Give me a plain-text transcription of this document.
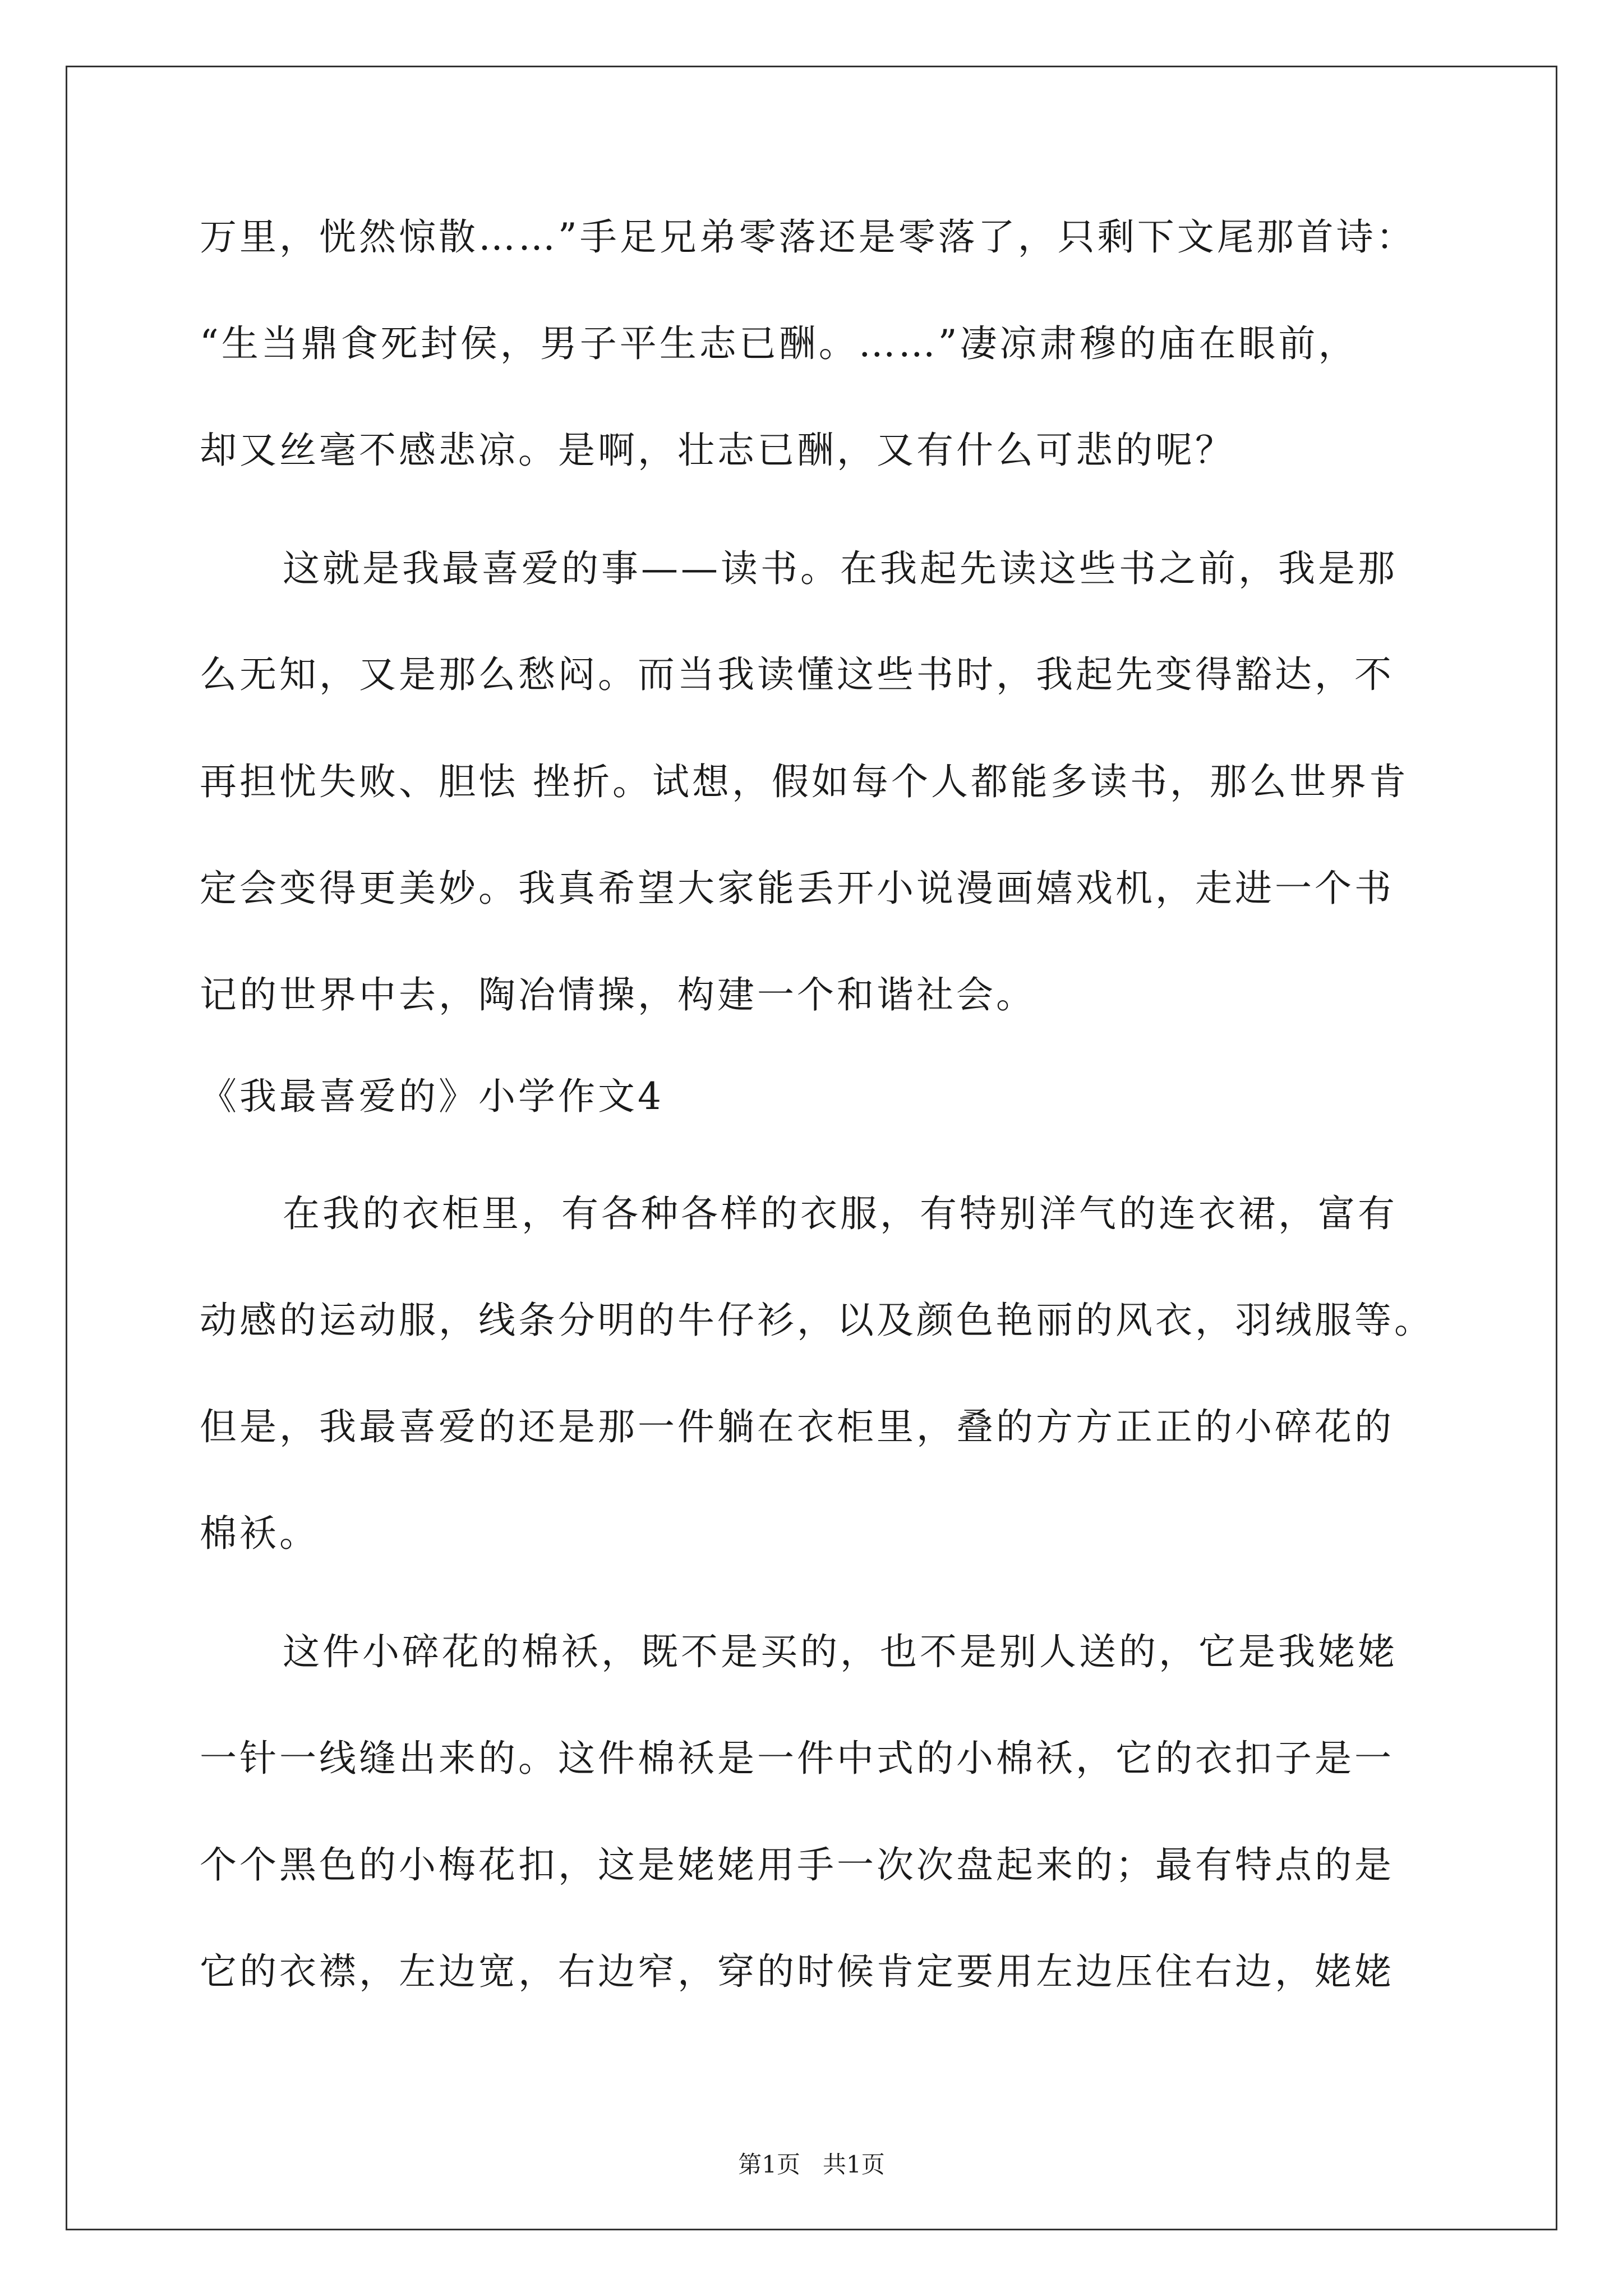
万里，恍然惊散……”手足兄弟零落还是零落了，只剩下文尾那首诗：
“生当鼎食死封侯，男子平生志已酬。……”凄凉肃穆的庙在眼前，
却又丝毫不感悲凉。是啊，壮志已酬，又有什么可悲的呢？
这就是我最喜爱的事——读书。在我起先读这些书之前，我是那
么无知，又是那么愁闷。而当我读懂这些书时，我起先变得豁达，不
再担忧失败、胆怯 挫折。试想，假如每个人都能多读书，那么世界肯
定会变得更美妙。我真希望大家能丢开小说漫画嬉戏机，走进一个书
记的世界中去，陶冶情操，构建一个和谐社会。
《我最喜爱的》小学作文4
在我的衣柜里，有各种各样的衣服，有特别洋气的连衣裙，富有
动感的运动服，线条分明的牛仔衫，以及颜色艳丽的风衣，羽绒服等。
但是，我最喜爱的还是那一件躺在衣柜里，叠的方方正正的小碎花的
棉袄。
这件小碎花的棉袄，既不是买的，也不是别人送的，它是我姥姥
一针一线缝出来的。这件棉袄是一件中式的小棉袄，它的衣扣子是一
个个黑色的小梅花扣，这是姥姥用手一次次盘起来的；最有特点的是
它的衣襟，左边宽，右边窄，穿的时候肯定要用左边压住右边，姥姥
第1页   共1页
